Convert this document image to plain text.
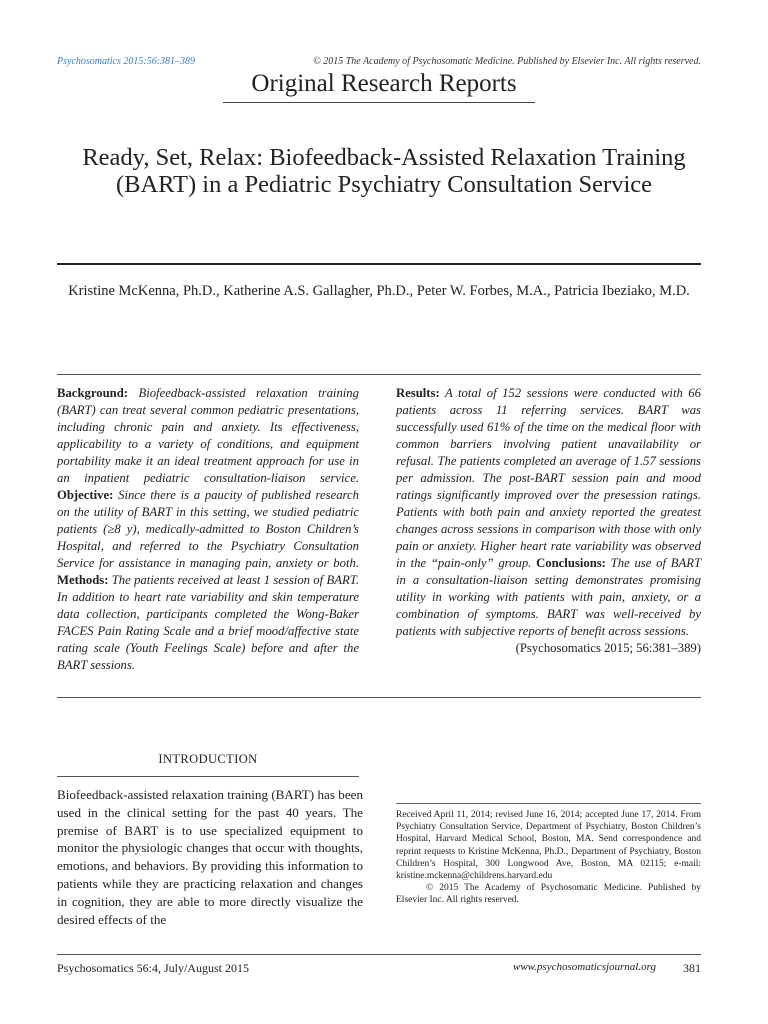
Psychosomatics 2015:56:381–389	© 2015 The Academy of Psychosomatic Medicine. Published by Elsevier Inc. All rights reserved.
Original Research Reports
Ready, Set, Relax: Biofeedback-Assisted Relaxation Training (BART) in a Pediatric Psychiatry Consultation Service
Kristine McKenna, Ph.D., Katherine A.S. Gallagher, Ph.D., Peter W. Forbes, M.A., Patricia Ibeziako, M.D.
Background: Biofeedback-assisted relaxation training (BART) can treat several common pediatric presentations, including chronic pain and anxiety. Its effectiveness, applicability to a variety of conditions, and equipment portability make it an ideal treatment approach for use in an inpatient pediatric consultation-liaison service. Objective: Since there is a paucity of published research on the utility of BART in this setting, we studied pediatric patients (≥8 y), medically-admitted to Boston Children’s Hospital, and referred to the Psychiatry Consultation Service for assistance in managing pain, anxiety or both. Methods: The patients received at least 1 session of BART. In addition to heart rate variability and skin temperature data collection, participants completed the Wong-Baker FACES Pain Rating Scale and a brief mood/affective state rating scale (Youth Feelings Scale) before and after the BART sessions.
Results: A total of 152 sessions were conducted with 66 patients across 11 referring services. BART was successfully used 61% of the time on the medical floor with common barriers involving patient unavailability or refusal. The patients completed an average of 1.57 sessions per admission. The post-BART session pain and mood ratings significantly improved over the presession ratings. Patients with both pain and anxiety reported the greatest changes across sessions in comparison with those with only pain or anxiety. Higher heart rate variability was observed in the “pain-only” group. Conclusions: The use of BART in a consultation-liaison setting demonstrates promising utility in working with patients with pain, anxiety, or a combination of symptoms. BART was well-received by patients with subjective reports of benefit across sessions.
(Psychosomatics 2015; 56:381–389)
INTRODUCTION
Biofeedback-assisted relaxation training (BART) has been used in the clinical setting for the past 40 years. The premise of BART is to use specialized equipment to monitor the physiologic changes that occur with thoughts, emotions, and behaviors. By providing this information to patients while they are practicing relaxation and changes in cognition, they are able to more directly visualize the desired effects of the

Received April 11, 2014; revised June 16, 2014; accepted June 17, 2014. From Psychiatry Consultation Service, Department of Psychiatry, Boston Children’s Hospital, Harvard Medical School, Boston, MA. Send correspondence and reprint requests to Kristine McKenna, Ph.D., Department of Psychiatry, Boston Children’s Hospital, 300 Longwood Ave, Boston, MA 02115; e-mail: kristine.mckenna@childrens.harvard.edu

© 2015 The Academy of Psychosomatic Medicine. Published by Elsevier Inc. All rights reserved.

Psychosomatics 56:4, July/August 2015	www.psychosomaticsjournal.org	381
